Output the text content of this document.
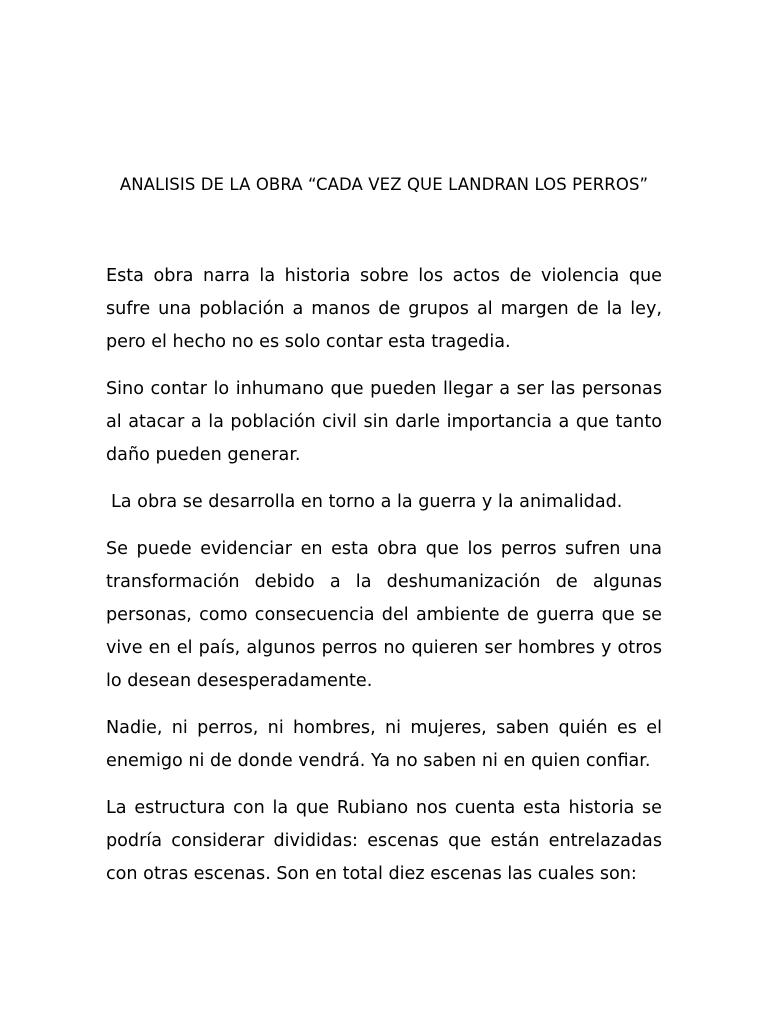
ANALISIS DE LA OBRA “CADA VEZ QUE LANDRAN LOS PERROS”

Esta obra narra la historia sobre los actos de violencia que sufre una población a manos de grupos al margen de la ley, pero el hecho no es solo contar esta tragedia.

Sino contar lo inhumano que pueden llegar a ser las personas al atacar a la población civil sin darle importancia a que tanto daño pueden generar.

La obra se desarrolla en torno a la guerra y la animalidad.

Se puede evidenciar en esta obra que los perros sufren una transformación debido a la deshumanización de algunas personas, como consecuencia del ambiente de guerra que se vive en el país, algunos perros no quieren ser hombres y otros lo desean desesperadamente.

Nadie, ni perros, ni hombres, ni mujeres, saben quién es el enemigo ni de donde vendrá. Ya no saben ni en quien confiar.

La estructura con la que Rubiano nos cuenta esta historia se podría considerar divididas: escenas que están entrelazadas con otras escenas. Son en total diez escenas las cuales son:
